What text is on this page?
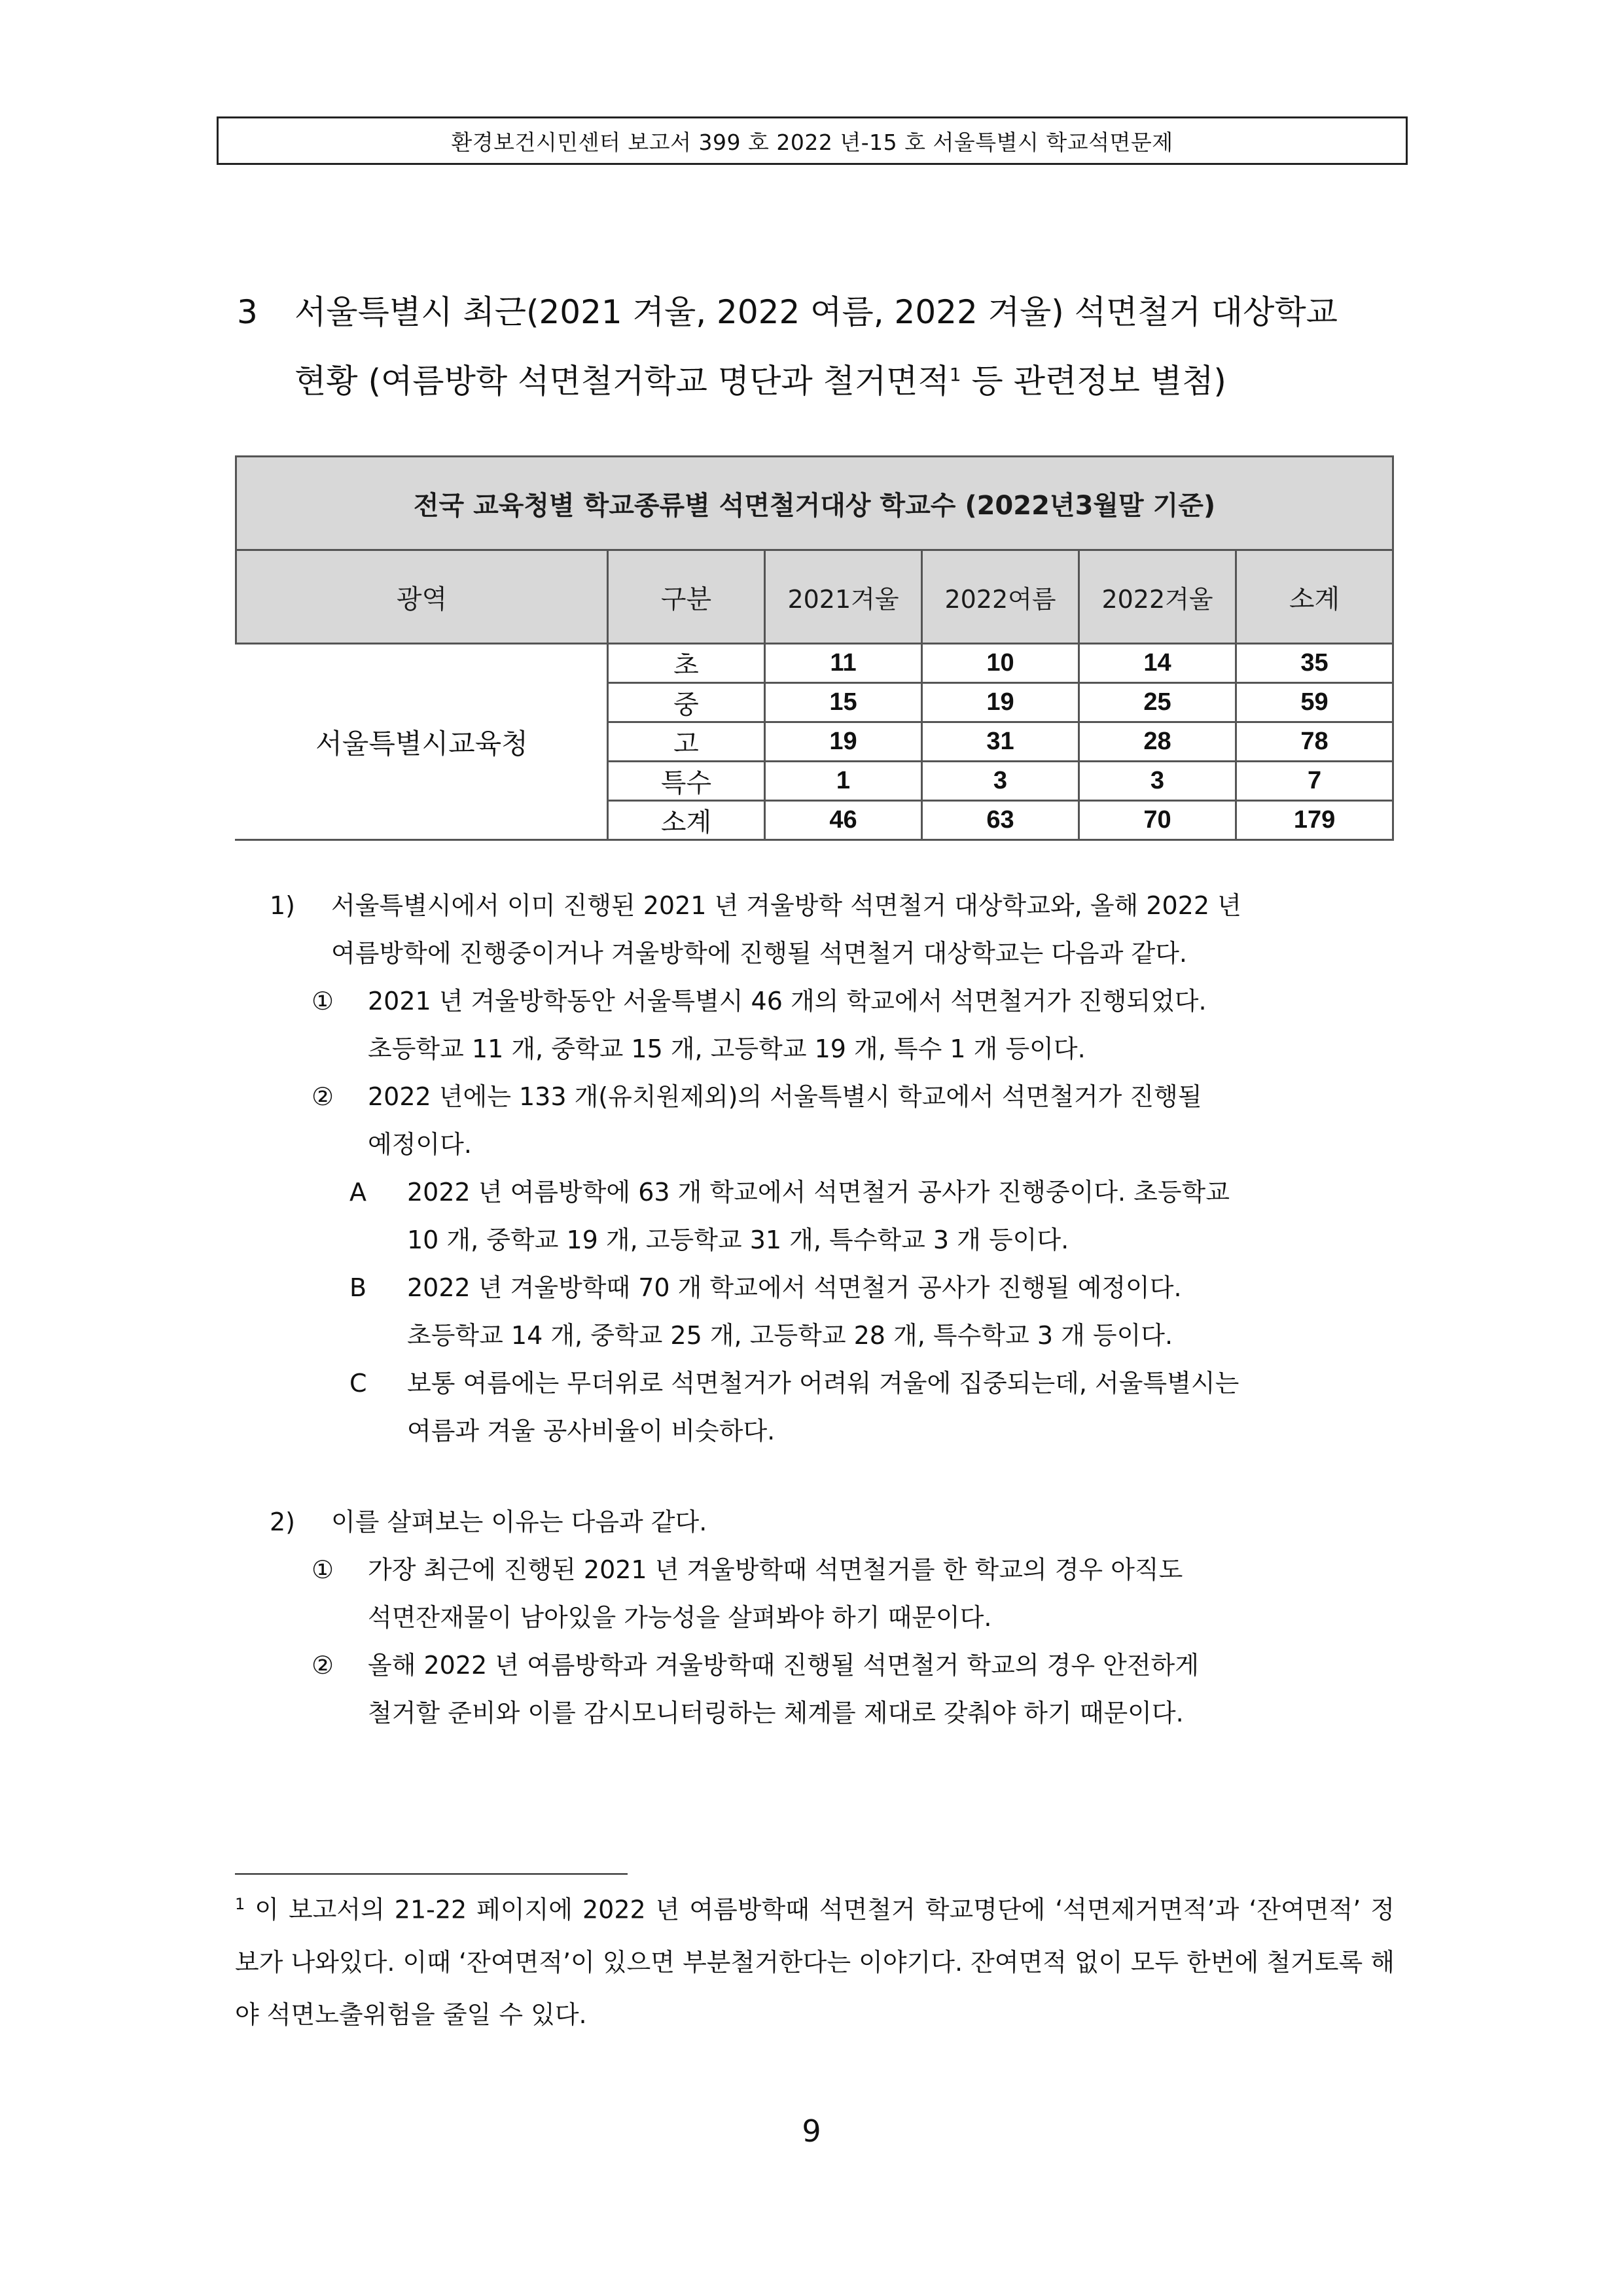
환경보건시민센터 보고서 399 호 2022 년-15 호 서울특별시 학교석면문제
3 서울특별시 최근(2021 겨울, 2022 여름, 2022 겨울) 석면철거 대상학교
현황 (여름방학 석면철거학교 명단과 철거면적$^1$ 등 관련정보 별첨)
전국 교육청별 학교종류별 석면철거대상 학교수 (2022년3월말 기준)					
광역	구분	2021겨울	2022여름	2022겨울	소계
서울특별시교육청	초	11	10	14	35
	중	15	19	25	59
	고	19	31	28	78
	특수	1	3	3	7
	소계	46	63	70	179
1) 서울특별시에서 이미 진행된 2021 년 겨울방학 석면철거 대상학교와, 올해 2022 년
여름방학에 진행중이거나 겨울방학에 진행될 석면철거 대상학교는 다음과 같다.
① 2021 년 겨울방학동안 서울특별시 46 개의 학교에서 석면철거가 진행되었다.
초등학교 11 개, 중학교 15 개, 고등학교 19 개, 특수 1 개 등이다.
② 2022 년에는 133 개(유치원제외)의 서울특별시 학교에서 석면철거가 진행될
예정이다.
A 2022 년 여름방학에 63 개 학교에서 석면철거 공사가 진행중이다. 초등학교
10 개, 중학교 19 개, 고등학교 31 개, 특수학교 3 개 등이다.
B 2022 년 겨울방학때 70 개 학교에서 석면철거 공사가 진행될 예정이다.
초등학교 14 개, 중학교 25 개, 고등학교 28 개, 특수학교 3 개 등이다.
C 보통 여름에는 무더위로 석면철거가 어려워 겨울에 집중되는데, 서울특별시는
여름과 겨울 공사비율이 비슷하다.
2) 이를 살펴보는 이유는 다음과 같다.
① 가장 최근에 진행된 2021 년 겨울방학때 석면철거를 한 학교의 경우 아직도
석면잔재물이 남아있을 가능성을 살펴봐야 하기 때문이다.
② 올해 2022 년 여름방학과 겨울방학때 진행될 석면철거 학교의 경우 안전하게
철거할 준비와 이를 감시모니터링하는 체계를 제대로 갖춰야 하기 때문이다.
$^1$ 이 보고서의 21-22 페이지에 2022 년 여름방학때 석면철거 학교명단에 ‘석면제거면적’과 ‘잔여면적’ 정보가 나와있다. 이때 ‘잔여면적’이 있으면 부분철거한다는 이야기다. 잔여면적 없이 모두 한번에 철거토록 해야 석면노출위험을 줄일 수 있다.
9
